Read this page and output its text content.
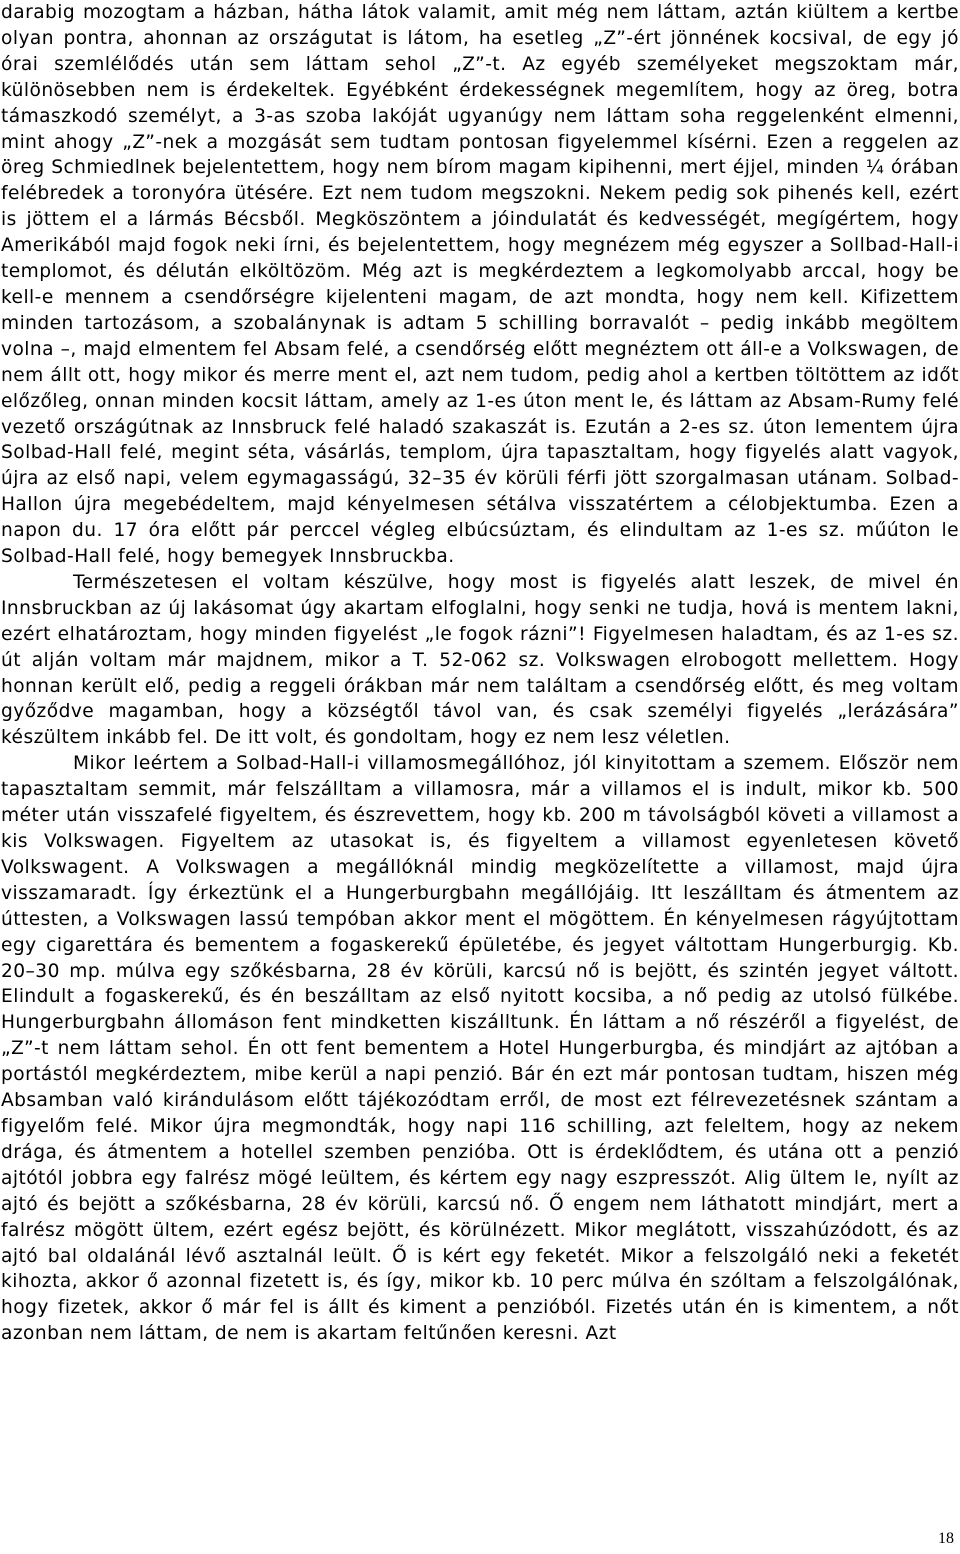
darabig mozogtam a házban, hátha látok valamit, amit még nem láttam, aztán kiültem a kertbe olyan pontra, ahonnan az országutat is látom, ha esetleg „Z”-ért jönnének kocsival, de egy jó órai szemlélődés után sem láttam sehol „Z”-t. Az egyéb személyeket megszoktam már, különösebben nem is érdekeltek. Egyébként érdekességnek megemlítem, hogy az öreg, botra támaszkodó személyt, a 3-as szoba lakóját ugyanúgy nem láttam soha reggelenként elmenni, mint ahogy „Z”-nek a mozgását sem tudtam pontosan figyelemmel kísérni. Ezen a reggelen az öreg Schmiedlnek bejelentettem, hogy nem bírom magam kipihenni, mert éjjel, minden ¼ órában felébredek a toronyóra ütésére. Ezt nem tudom megszokni. Nekem pedig sok pihenés kell, ezért is jöttem el a lármás Bécsből. Megköszöntem a jóindulatát és kedvességét, megígértem, hogy Amerikából majd fogok neki írni, és bejelentettem, hogy megnézem még egyszer a Sollbad-Hall-i templomot, és délután elköltözöm. Még azt is megkérdeztem a legkomolyabb arccal, hogy be kell-e mennem a csendőrségre kijelenteni magam, de azt mondta, hogy nem kell. Kifizettem minden tartozásom, a szobalánynak is adtam 5 schilling borravalót – pedig inkább megöltem volna –, majd elmentem fel Absam felé, a csendőrség előtt megnéztem ott áll-e a Volkswagen, de nem állt ott, hogy mikor és merre ment el, azt nem tudom, pedig ahol a kertben töltöttem az időt előzőleg, onnan minden kocsit láttam, amely az 1-es úton ment le, és láttam az Absam-Rumy felé vezető országútnak az Innsbruck felé haladó szakaszát is. Ezután a 2-es sz. úton lementem újra Solbad-Hall felé, megint séta, vásárlás, templom, újra tapasztaltam, hogy figyelés alatt vagyok, újra az első napi, velem egymagasságú, 32–35 év körüli férfi jött szorgalmasan utánam. Solbad-Hallon újra megebédeltem, majd kényelmesen sétálva visszatértem a célobjektumba. Ezen a napon du. 17 óra előtt pár perccel végleg elbúcsúztam, és elindultam az 1-es sz. műúton le Solbad-Hall felé, hogy bemegyek Innsbruckba.

Természetesen el voltam készülve, hogy most is figyelés alatt leszek, de mivel én Innsbruckban az új lakásomat úgy akartam elfoglalni, hogy senki ne tudja, hová is mentem lakni, ezért elhatároztam, hogy minden figyelést „le fogok rázni”! Figyelmesen haladtam, és az 1-es sz. út alján voltam már majdnem, mikor a T. 52-062 sz. Volkswagen elrobogott mellettem. Hogy honnan került elő, pedig a reggeli órákban már nem találtam a csendőrség előtt, és meg voltam győződve magamban, hogy a községtől távol van, és csak személyi figyelés „lerázására” készültem inkább fel. De itt volt, és gondoltam, hogy ez nem lesz véletlen.

Mikor leértem a Solbad-Hall-i villamosmegállóhoz, jól kinyitottam a szemem. Először nem tapasztaltam semmit, már felszálltam a villamosra, már a villamos el is indult, mikor kb. 500 méter után visszafelé figyeltem, és észrevettem, hogy kb. 200 m távolságból követi a villamost a kis Volkswagen. Figyeltem az utasokat is, és figyeltem a villamost egyenletesen követő Volkswagent. A Volkswagen a megállóknál mindig megközelítette a villamost, majd újra visszamaradt. Így érkeztünk el a Hungerburgbahn megállójáig. Itt leszálltam és átmentem az úttesten, a Volkswagen lassú tempóban akkor ment el mögöttem. Én kényelmesen rágyújtottam egy cigarettára és bementem a fogaskerekű épületébe, és jegyet váltottam Hungerburgig. Kb. 20–30 mp. múlva egy szőkésbarna, 28 év körüli, karcsú nő is bejött, és szintén jegyet váltott. Elindult a fogaskerekű, és én beszálltam az első nyitott kocsiba, a nő pedig az utolsó fülkébe. Hungerburgbahn állomáson fent mindketten kiszálltunk. Én láttam a nő részéről a figyelést, de „Z”-t nem láttam sehol. Én ott fent bementem a Hotel Hungerburgba, és mindjárt az ajtóban a portástól megkérdeztem, mibe kerül a napi penzió. Bár én ezt már pontosan tudtam, hiszen még Absamban való kirándulásom előtt tájékozódtam erről, de most ezt félrevezetésnek szántam a figyelőm felé. Mikor újra megmondták, hogy napi 116 schilling, azt feleltem, hogy az nekem drága, és átmentem a hotellel szemben penzióba. Ott is érdeklődtem, és utána ott a penzió ajtótól jobbra egy falrész mögé leültem, és kértem egy nagy eszpresszót. Alig ültem le, nyílt az ajtó és bejött a szőkésbarna, 28 év körüli, karcsú nő. Ő engem nem láthatott mindjárt, mert a falrész mögött ültem, ezért egész bejött, és körülnézett. Mikor meglátott, visszahúzódott, és az ajtó bal oldalánál lévő asztalnál leült. Ő is kért egy feketét. Mikor a felszolgáló neki a feketét kihozta, akkor ő azonnal fizetett is, és így, mikor kb. 10 perc múlva én szóltam a felszolgálónak, hogy fizetek, akkor ő már fel is állt és kiment a penzióból. Fizetés után én is kimentem, a nőt azonban nem láttam, de nem is akartam feltűnően keresni. Azt

18
